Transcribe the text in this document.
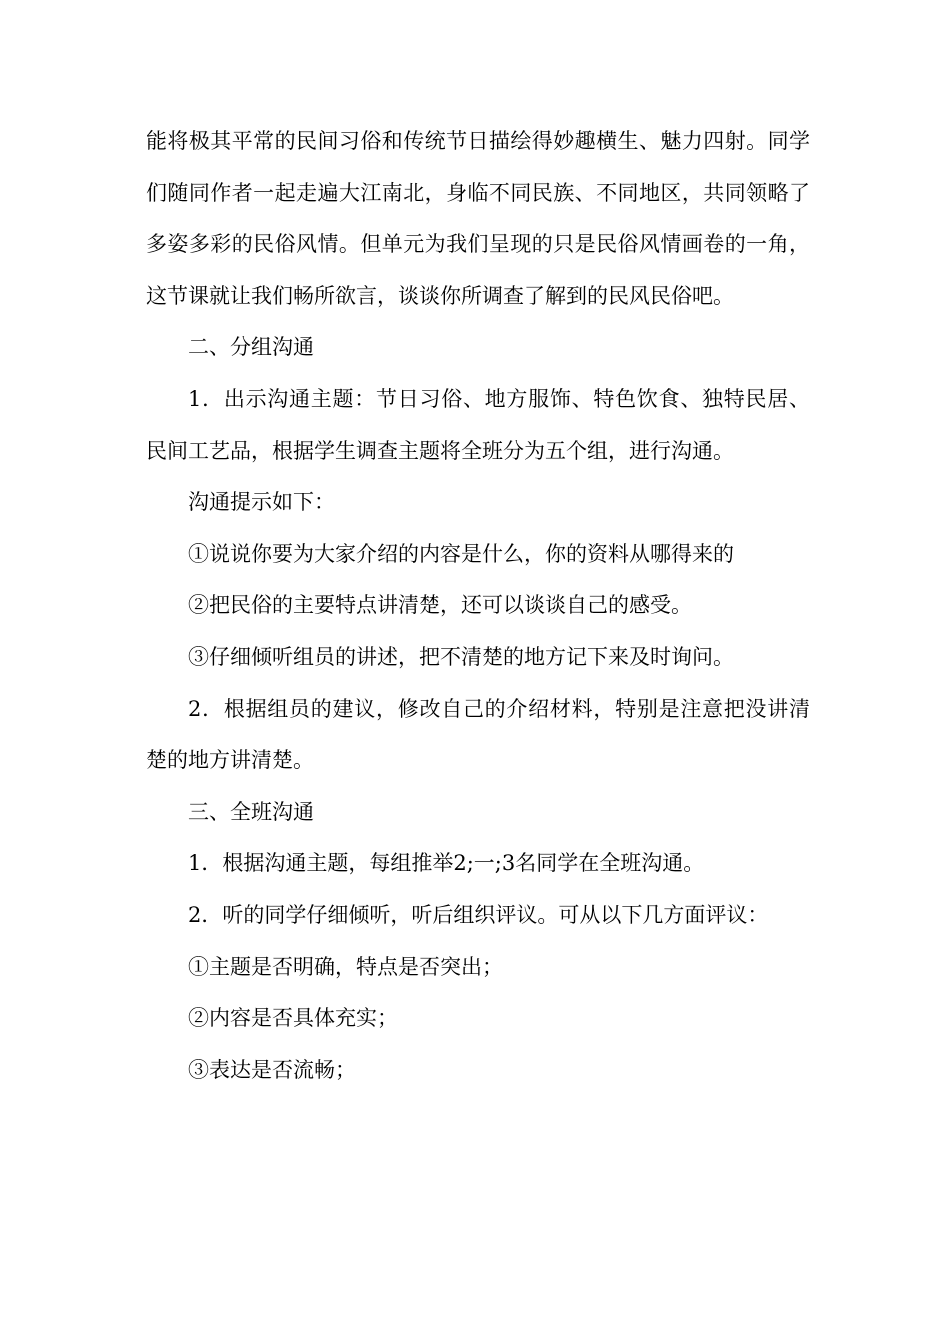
能将极其平常的民间习俗和传统节日描绘得妙趣横生、魅力四射。同学们随同作者一起走遍大江南北，身临不同民族、不同地区，共同领略了多姿多彩的民俗风情。但单元为我们呈现的只是民俗风情画卷的一角，这节课就让我们畅所欲言，谈谈你所调查了解到的民风民俗吧。

二、分组沟通

1．出示沟通主题：节日习俗、地方服饰、特色饮食、独特民居、民间工艺品，根据学生调查主题将全班分为五个组，进行沟通。

沟通提示如下：

①说说你要为大家介绍的内容是什么，你的资料从哪得来的

②把民俗的主要特点讲清楚，还可以谈谈自己的感受。

③仔细倾听组员的讲述，把不清楚的地方记下来及时询问。

2．根据组员的建议，修改自己的介绍材料，特别是注意把没讲清楚的地方讲清楚。

三、全班沟通

1．根据沟通主题，每组推举2;一;3名同学在全班沟通。

2．听的同学仔细倾听，听后组织评议。可从以下几方面评议：

①主题是否明确，特点是否突出；

②内容是否具体充实；

③表达是否流畅；
